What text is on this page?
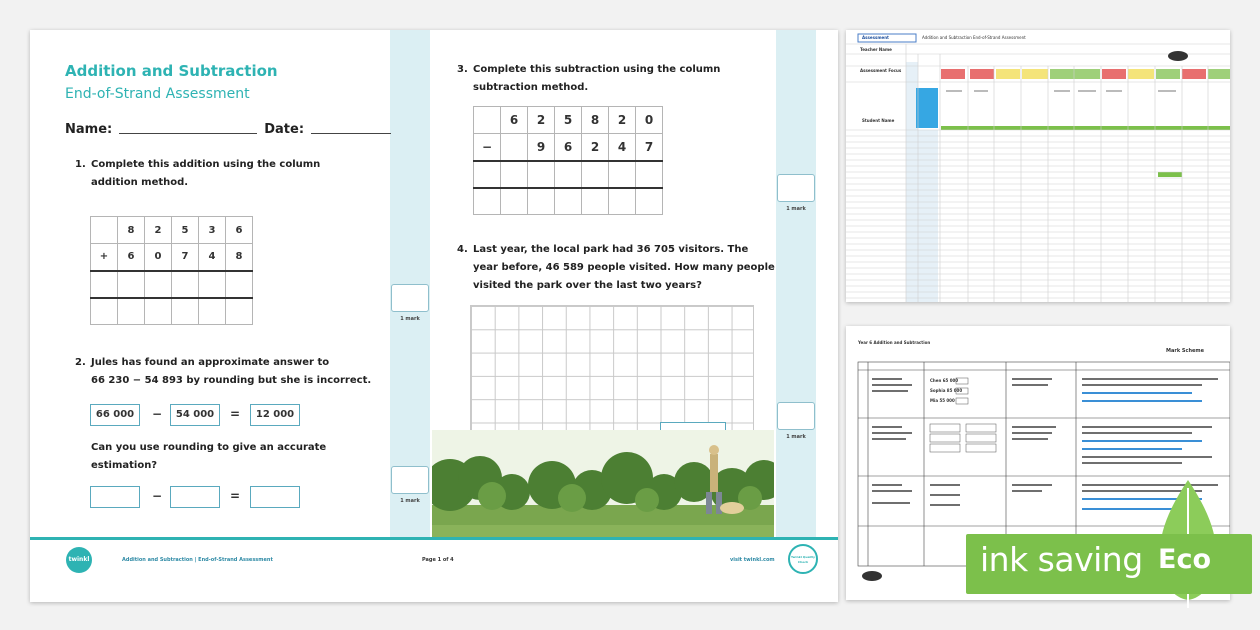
1 mark
1 mark
1 mark
1 mark
Addition and Subtraction
End-of-Strand Assessment
Name:	Date:
1. Complete this addition using the column
addition method.
	8	2	5	3	6
+	6	0	7	4	8

2. Jules has found an approximate answer to
66 230 − 54 893 by rounding but she is incorrect.
66 000	−	54 000	=	12 000
Can you use rounding to give an accurate
estimation?
−	=
3. Complete this subtraction using the column
subtraction method.
	6	2	5	8	2	0
−		9	6	2	4	7

4. Last year, the local park had 36 705 visitors. The
year before, 46 589 people visited. How many people
visited the park over the last two years?
twinkl	Addition and Subtraction | End-of-Strand Assessment	Page 1 of 4	visit twinkl.com	Twinkl Quality Check
Assessment	Addition and Subtraction End-of-Strand Assessment
Teacher Name
Assessment Focus
Student Name
Year 6 Addition and Subtraction
Mark Scheme
Chen 65 000
Sophia 85 000
Mia 55 000
ink saving Eco
